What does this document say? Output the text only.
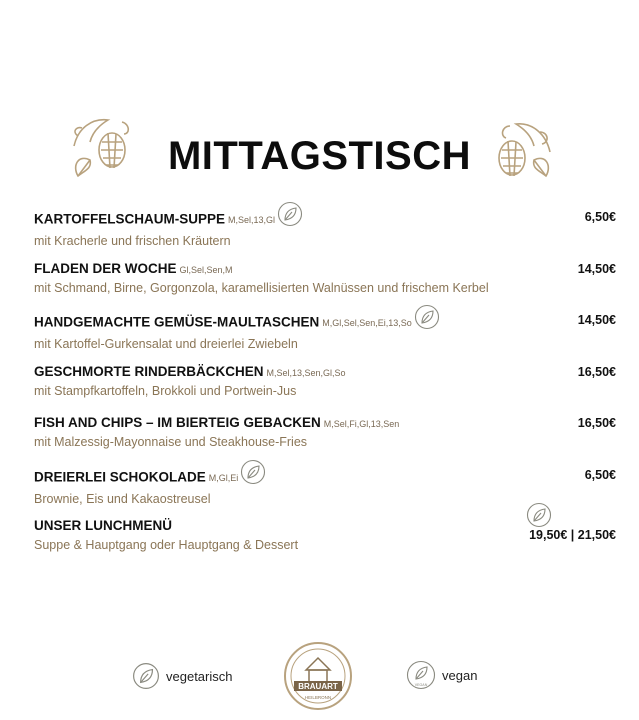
MITTAGSTISCH
KARTOFFELSCHAUM-SUPPE M,Sel,13,Gl
mit Kracherle und frischen Kräutern
6,50€
FLADEN DER WOCHE Gl,Sel,Sen,M
mit Schmand, Birne, Gorgonzola, karamellisierten Walnüssen und frischem Kerbel
14,50€
HANDGEMACHTE GEMÜSE-MAULTASCHEN M,Gl,Sel,Sen,Ei,13,So
mit Kartoffel-Gurkensalat und dreierlei Zwiebeln
14,50€
GESCHMORTE RINDERBÄCKCHEN M,Sel,13,Sen,Gl,So
mit Stampfkartoffeln, Brokkoli und Portwein-Jus
16,50€
FISH AND CHIPS – IM BIERTEIG GEBACKEN M,Sel,Fi,Gl,13,Sen
mit Malzessig-Mayonnaise und Steakhouse-Fries
16,50€
DREIERLEI SCHOKOLADE M,Gl,Ei
Brownie, Eis und Kakaostreusel
6,50€
UNSER LUNCHMENÜ
Suppe & Hauptgang oder Hauptgang & Dessert
19,50€ | 21,50€
vegetarisch
BRAUART
HEILBRONN
VEGAN
vegan
